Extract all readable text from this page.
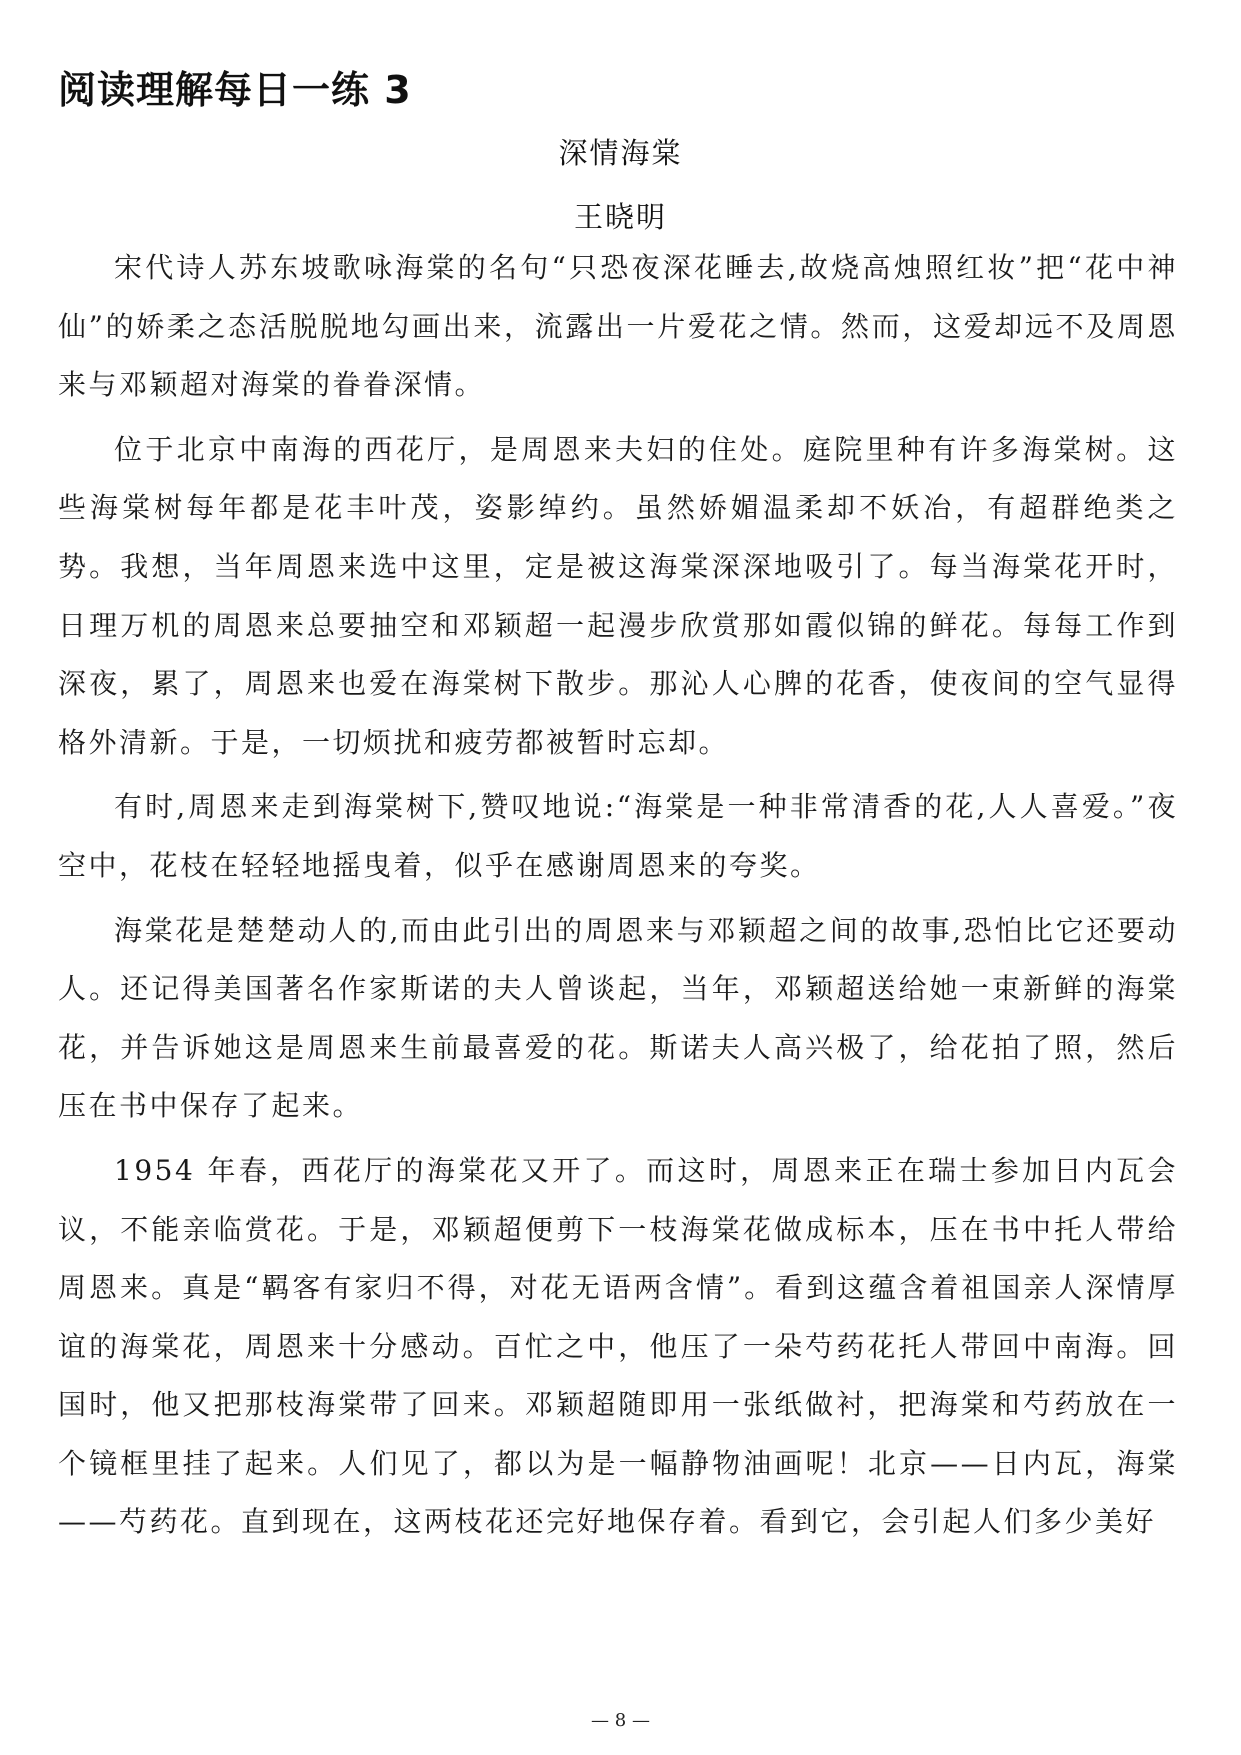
阅读理解每日一练 3
深情海棠
王晓明

宋代诗人苏东坡歌咏海棠的名句“只恐夜深花睡去,故烧高烛照红妆”把“花中神仙”的娇柔之态活脱脱地勾画出来，流露出一片爱花之情。然而，这爱却远不及周恩来与邓颖超对海棠的眷眷深情。

位于北京中南海的西花厅，是周恩来夫妇的住处。庭院里种有许多海棠树。这些海棠树每年都是花丰叶茂，姿影绰约。虽然娇媚温柔却不妖冶，有超群绝类之势。我想，当年周恩来选中这里，定是被这海棠深深地吸引了。每当海棠花开时，日理万机的周恩来总要抽空和邓颖超一起漫步欣赏那如霞似锦的鲜花。每每工作到深夜，累了，周恩来也爱在海棠树下散步。那沁人心脾的花香，使夜间的空气显得格外清新。于是，一切烦扰和疲劳都被暂时忘却。

有时,周恩来走到海棠树下,赞叹地说:“海棠是一种非常清香的花,人人喜爱。”夜空中，花枝在轻轻地摇曳着，似乎在感谢周恩来的夸奖。

海棠花是楚楚动人的,而由此引出的周恩来与邓颖超之间的故事,恐怕比它还要动人。还记得美国著名作家斯诺的夫人曾谈起，当年，邓颖超送给她一束新鲜的海棠花，并告诉她这是周恩来生前最喜爱的花。斯诺夫人高兴极了，给花拍了照，然后压在书中保存了起来。

1954 年春，西花厅的海棠花又开了。而这时，周恩来正在瑞士参加日内瓦会议，不能亲临赏花。于是，邓颖超便剪下一枝海棠花做成标本，压在书中托人带给周恩来。真是“羁客有家归不得，对花无语两含情”。看到这蕴含着祖国亲人深情厚谊的海棠花，周恩来十分感动。百忙之中，他压了一朵芍药花托人带回中南海。回国时，他又把那枝海棠带了回来。邓颖超随即用一张纸做衬，把海棠和芍药放在一个镜框里挂了起来。人们见了，都以为是一幅静物油画呢！北京——日内瓦，海棠——芍药花。直到现在，这两枝花还完好地保存着。看到它，会引起人们多少美好

— 8 —
